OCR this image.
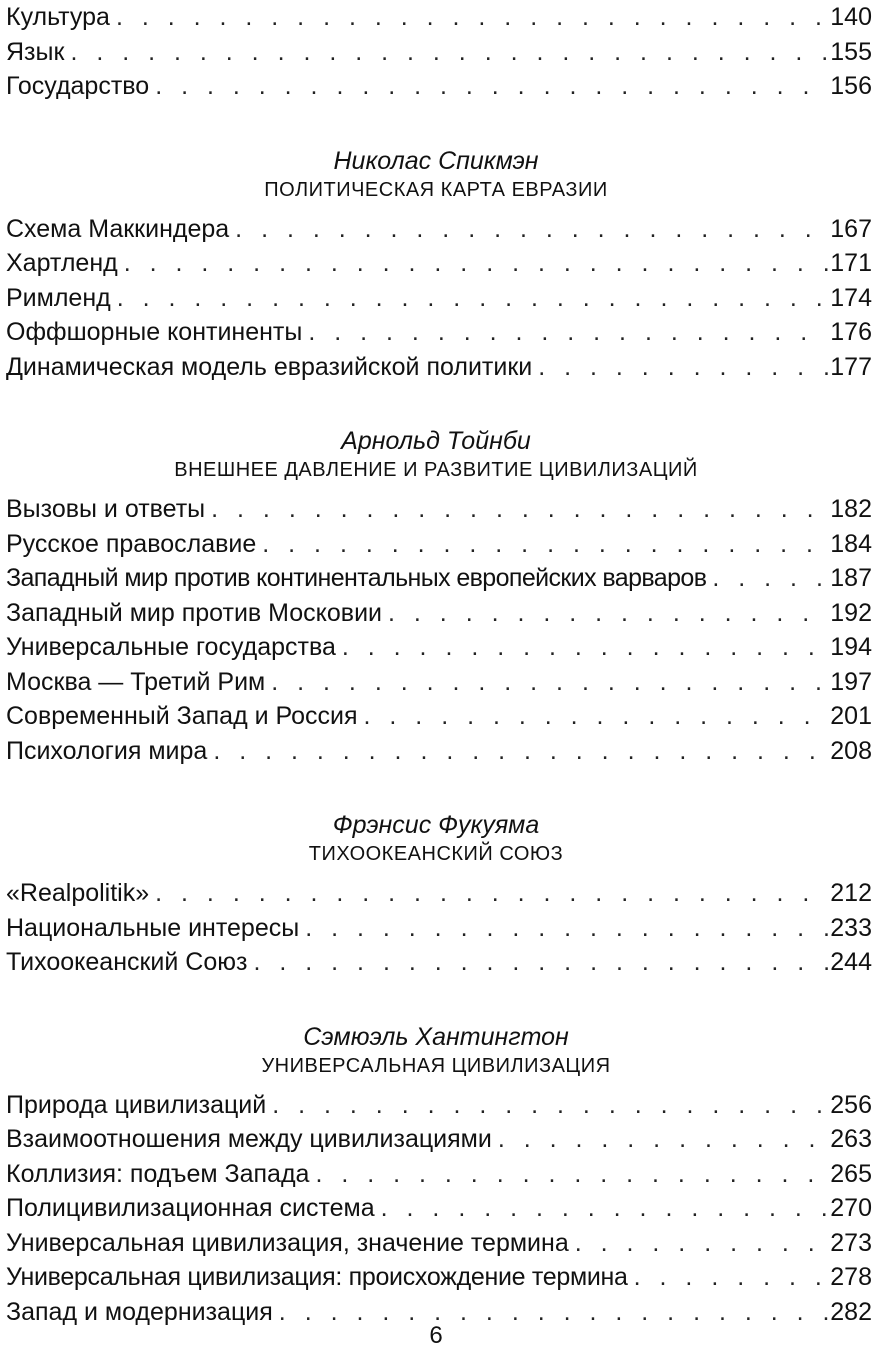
Культура . . .	140
Язык . . .	155
Государство . . .	156
Николас Спикмэн
ПОЛИТИЧЕСКАЯ КАРТА ЕВРАЗИИ
Схема Маккиндера . . .	167
Хартленд . . .	171
Римленд . . .	174
Оффшорные континенты . . .	176
Динамическая модель евразийской политики . . .	177
Арнольд Тойнби
ВНЕШНЕЕ ДАВЛЕНИЕ И РАЗВИТИЕ ЦИВИЛИЗАЦИЙ
Вызовы и ответы . . .	182
Русское православие . . .	184
Западный мир против континентальных европейских варваров . . .	187
Западный мир против Московии . . .	192
Универсальные государства . . .	194
Москва — Третий Рим . . .	197
Современный Запад и Россия . . .	201
Психология мира . . .	208
Фрэнсис Фукуяма
ТИХООКЕАНСКИЙ СОЮЗ
«Realpolitik» . . .	212
Национальные интересы . . .	233
Тихоокеанский Союз . . .	244
Сэмюэль Хантингтон
УНИВЕРСАЛЬНАЯ ЦИВИЛИЗАЦИЯ
Природа цивилизаций . . .	256
Взаимоотношения между цивилизациями . . .	263
Коллизия: подъем Запада . . .	265
Полицивилизационная система . . .	270
Универсальная цивилизация, значение термина . . .	273
Универсальная цивилизация: происхождение термина . . .	278
Запад и модернизация . . .	282
6
